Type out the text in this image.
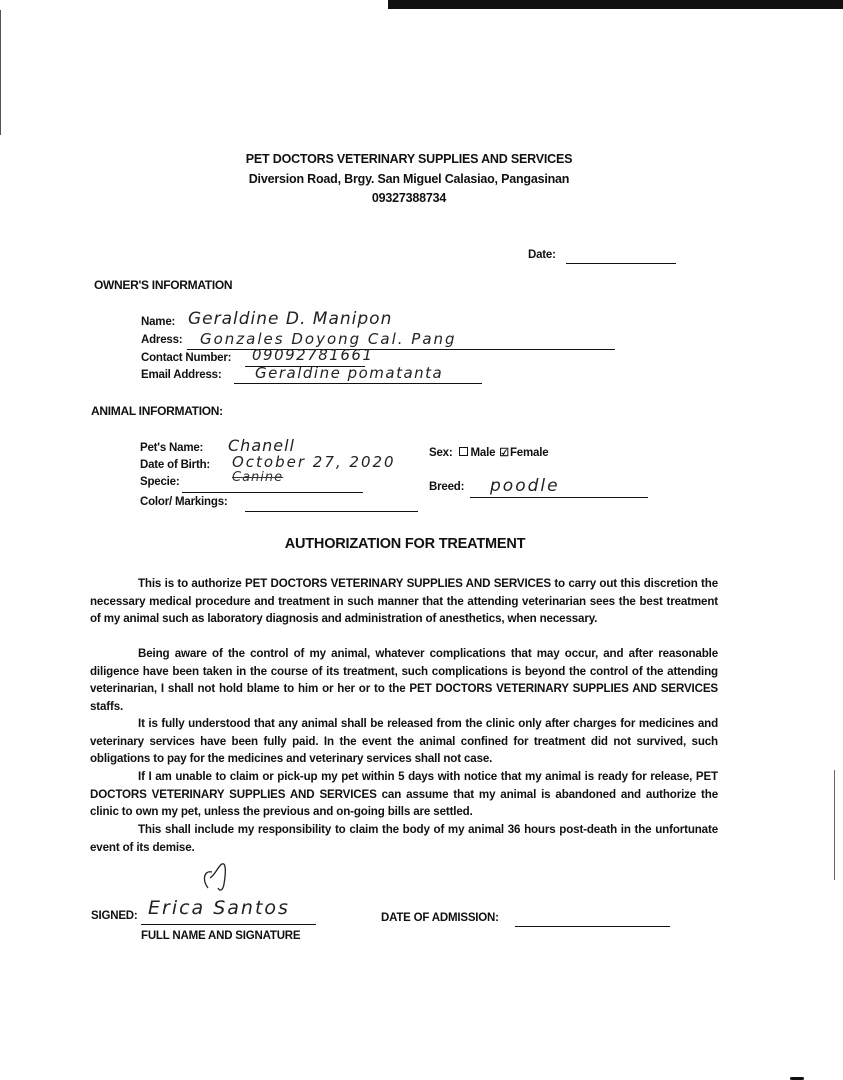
PET DOCTORS VETERINARY SUPPLIES AND SERVICES
Diversion Road, Brgy. San Miguel Calasiao, Pangasinan
09327388734
Date:
OWNER'S INFORMATION
Name: Geraldine D. Manipon
Adress: Gonzales Doyong Cal. Pang
Contact Number: 09092781661
Email Address: Geraldine pomatanta
ANIMAL INFORMATION:
Pet's Name: Chanell
Date of Birth: October 27, 2020
Specie:	Canine
Color/ Markings:
Sex: Male ☑Female
Breed: poodle
AUTHORIZATION FOR TREATMENT
This is to authorize PET DOCTORS VETERINARY SUPPLIES AND SERVICES to carry out this discretion the necessary medical procedure and treatment in such manner that the attending veterinarian sees the best treatment of my animal such as laboratory diagnosis and administration of anesthetics, when necessary.
Being aware of the control of my animal, whatever complications that may occur, and after reasonable diligence have been taken in the course of its treatment, such complications is beyond the control of the attending veterinarian, I shall not hold blame to him or her or to the PET DOCTORS VETERINARY SUPPLIES AND SERVICES staffs.
It is fully understood that any animal shall be released from the clinic only after charges for medicines and veterinary services have been fully paid. In the event the animal confined for treatment did not survived, such obligations to pay for the medicines and veterinary services shall not case.
If I am unable to claim or pick-up my pet within 5 days with notice that my animal is ready for release, PET DOCTORS VETERINARY SUPPLIES AND SERVICES can assume that my animal is abandoned and authorize the clinic to own my pet, unless the previous and on-going bills are settled.
This shall include my responsibility to claim the body of my animal 36 hours post-death in the unfortunate event of its demise.
SIGNED: Erica Santos
FULL NAME AND SIGNATURE
DATE OF ADMISSION:
